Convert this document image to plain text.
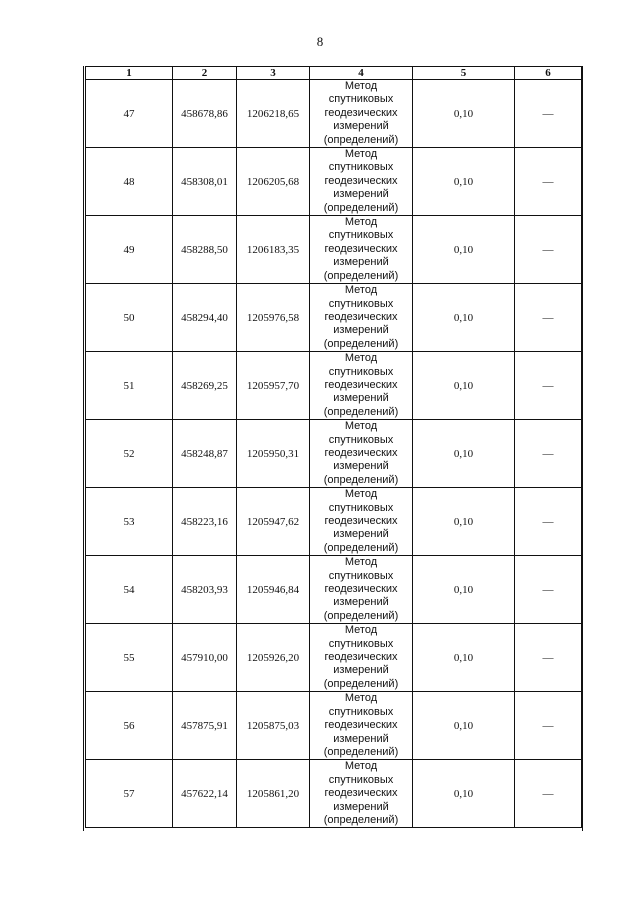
8
1	2	3	4	5	6
47	458678,86	1206218,65	Метод
спутниковых
геодезических
измерений
(определений)	0,10	—
48	458308,01	1206205,68	Метод
спутниковых
геодезических
измерений
(определений)	0,10	—
49	458288,50	1206183,35	Метод
спутниковых
геодезических
измерений
(определений)	0,10	—
50	458294,40	1205976,58	Метод
спутниковых
геодезических
измерений
(определений)	0,10	—
51	458269,25	1205957,70	Метод
спутниковых
геодезических
измерений
(определений)	0,10	—
52	458248,87	1205950,31	Метод
спутниковых
геодезических
измерений
(определений)	0,10	—
53	458223,16	1205947,62	Метод
спутниковых
геодезических
измерений
(определений)	0,10	—
54	458203,93	1205946,84	Метод
спутниковых
геодезических
измерений
(определений)	0,10	—
55	457910,00	1205926,20	Метод
спутниковых
геодезических
измерений
(определений)	0,10	—
56	457875,91	1205875,03	Метод
спутниковых
геодезических
измерений
(определений)	0,10	—
57	457622,14	1205861,20	Метод
спутниковых
геодезических
измерений
(определений)	0,10	—
